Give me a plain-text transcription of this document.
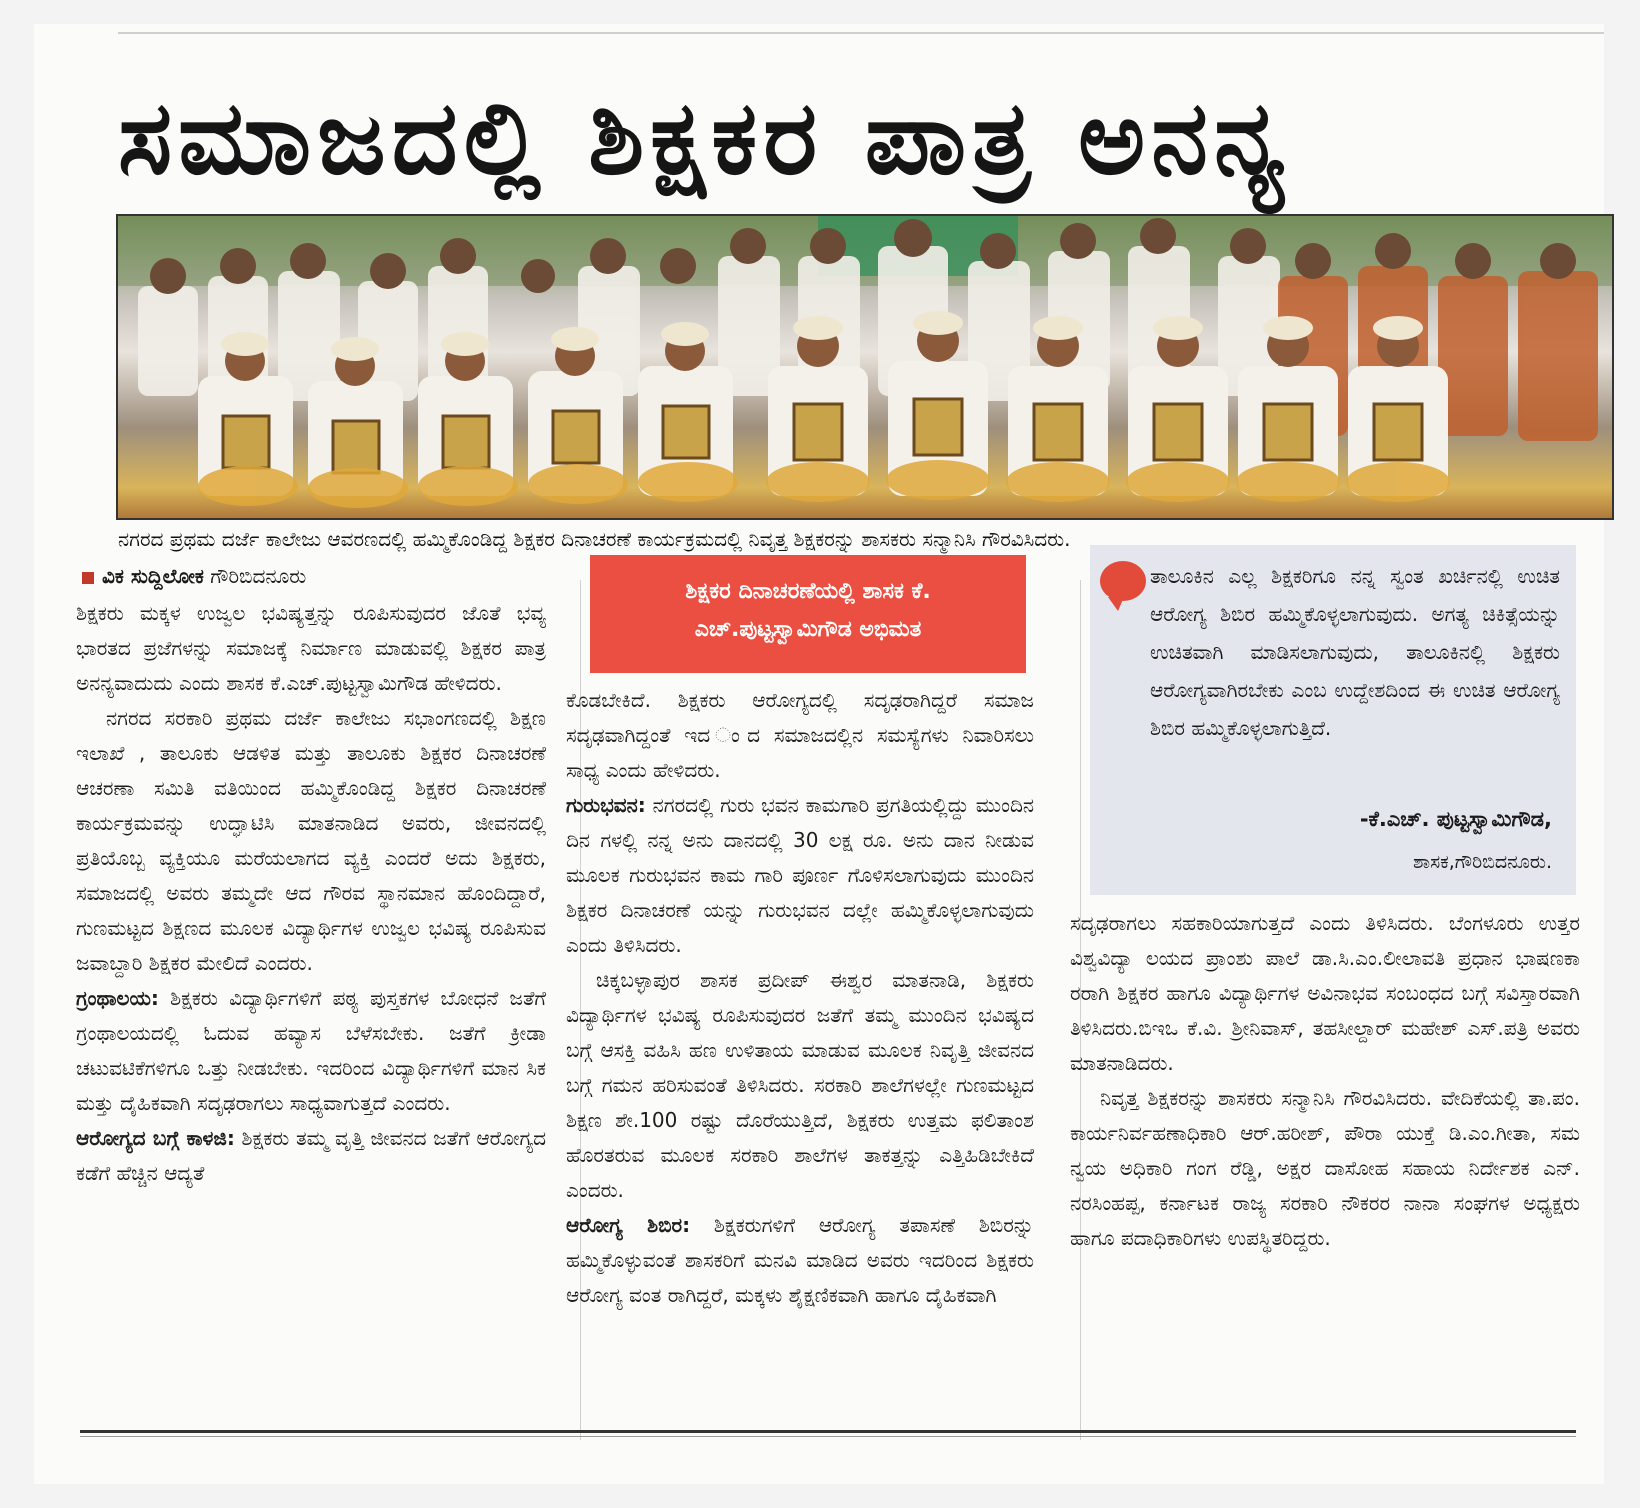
ಸಮಾಜದಲ್ಲಿ ಶಿಕ್ಷಕರ ಪಾತ್ರ ಅನನ್ಯ
ನಗರದ ಪ್ರಥಮ ದರ್ಜೆ ಕಾಲೇಜು ಆವರಣದಲ್ಲಿ ಹಮ್ಮಿಕೊಂಡಿದ್ದ ಶಿಕ್ಷಕರ ದಿನಾಚರಣೆ ಕಾರ್ಯಕ್ರಮದಲ್ಲಿ ನಿವೃತ್ತ ಶಿಕ್ಷಕರನ್ನು ಶಾಸಕರು ಸನ್ಮಾನಿಸಿ ಗೌರವಿಸಿದರು.
ವಿಕ ಸುದ್ದಿಲೋಕ ಗೌರಿಬಿದನೂರು

ಶಿಕ್ಷಕರು ಮಕ್ಕಳ ಉಜ್ವಲ ಭವಿಷ್ಯತ್ತನ್ನು ರೂಪಿಸುವುದರ ಜೊತೆ ಭವ್ಯ ಭಾರತದ ಪ್ರಜೆಗಳನ್ನು ಸಮಾಜಕ್ಕೆ ನಿರ್ಮಾಣ ಮಾಡುವಲ್ಲಿ ಶಿಕ್ಷಕರ ಪಾತ್ರ ಅನನ್ಯವಾದುದು ಎಂದು ಶಾಸಕ ಕೆ.ಎಚ್.ಪುಟ್ಟಸ್ವಾಮಿಗೌಡ ಹೇಳಿದರು.

ನಗರದ ಸರಕಾರಿ ಪ್ರಥಮ ದರ್ಜೆ ಕಾಲೇಜು ಸಭಾಂಗಣದಲ್ಲಿ ಶಿಕ್ಷಣ ಇಲಾಖೆ , ತಾಲೂಕು ಆಡಳಿತ ಮತ್ತು ತಾಲೂಕು ಶಿಕ್ಷಕರ ದಿನಾಚರಣೆ ಆಚರಣಾ ಸಮಿತಿ ವತಿಯಿಂದ ಹಮ್ಮಿಕೊಂಡಿದ್ದ ಶಿಕ್ಷಕರ ದಿನಾಚರಣೆ ಕಾರ್ಯಕ್ರಮವನ್ನು ಉದ್ಘಾಟಿಸಿ ಮಾತನಾಡಿದ ಅವರು, ಜೀವನದಲ್ಲಿ ಪ್ರತಿಯೊಬ್ಬ ವ್ಯಕ್ತಿಯೂ ಮರೆಯಲಾಗದ ವ್ಯಕ್ತಿ ಎಂದರೆ ಅದು ಶಿಕ್ಷಕರು, ಸಮಾಜದಲ್ಲಿ ಅವರು ತಮ್ಮದೇ ಆದ ಗೌರವ ಸ್ಥಾನಮಾನ ಹೊಂದಿದ್ದಾರೆ, ಗುಣಮಟ್ಟದ ಶಿಕ್ಷಣದ ಮೂಲಕ ವಿದ್ಯಾರ್ಥಿಗಳ ಉಜ್ವಲ ಭವಿಷ್ಯ ರೂಪಿಸುವ ಜವಾಬ್ದಾರಿ ಶಿಕ್ಷಕರ ಮೇಲಿದೆ ಎಂದರು.

ಗ್ರಂಥಾಲಯ: ಶಿಕ್ಷಕರು ವಿದ್ಯಾರ್ಥಿಗಳಿಗೆ ಪಠ್ಯ ಪುಸ್ತಕಗಳ ಬೋಧನೆ ಜತೆಗೆ ಗ್ರಂಥಾಲಯದಲ್ಲಿ ಓದುವ ಹವ್ಯಾಸ ಬೆಳೆಸಬೇಕು. ಜತೆಗೆ ಕ್ರೀಡಾ ಚಟುವಟಿಕೆಗಳಿಗೂ ಒತ್ತು ನೀಡಬೇಕು. ಇದರಿಂದ ವಿದ್ಯಾರ್ಥಿಗಳಿಗೆ ಮಾನ ಸಿಕ ಮತ್ತು ದೈಹಿಕವಾಗಿ ಸದೃಢರಾಗಲು ಸಾಧ್ಯವಾಗುತ್ತದೆ ಎಂದರು.

ಆರೋಗ್ಯದ ಬಗ್ಗೆ ಕಾಳಜಿ: ಶಿಕ್ಷಕರು ತಮ್ಮ ವೃತ್ತಿ ಜೀವನದ ಜತೆಗೆ ಆರೋಗ್ಯದ ಕಡೆಗೆ ಹೆಚ್ಚಿನ ಆದ್ಯತೆ

ಶಿಕ್ಷಕರ ದಿನಾಚರಣೆಯಲ್ಲಿ ಶಾಸಕ ಕೆ. ಎಚ್.ಪುಟ್ಟಸ್ವಾಮಿಗೌಡ ಅಭಿಮತ

ಕೊಡಬೇಕಿದೆ. ಶಿಕ್ಷಕರು ಆರೋಗ್ಯದಲ್ಲಿ ಸದೃಢರಾಗಿದ್ದರೆ ಸಮಾಜ ಸದೃಢವಾಗಿದ್ದಂತೆ ಇದ ಂದ ಸಮಾಜದಲ್ಲಿನ ಸಮಸ್ಯೆಗಳು ನಿವಾರಿಸಲು ಸಾಧ್ಯ ಎಂದು ಹೇಳಿದರು.

ಗುರುಭವನ: ನಗರದಲ್ಲಿ ಗುರು ಭವನ ಕಾಮಗಾರಿ ಪ್ರಗತಿಯಲ್ಲಿದ್ದು ಮುಂದಿನ ದಿನ ಗಳಲ್ಲಿ ನನ್ನ ಅನು ದಾನದಲ್ಲಿ 30 ಲಕ್ಷ ರೂ. ಅನು ದಾನ ನೀಡುವ ಮೂಲಕ ಗುರುಭವನ ಕಾಮ ಗಾರಿ ಪೂರ್ಣ ಗೊಳಿಸಲಾಗುವುದು ಮುಂದಿನ ಶಿಕ್ಷಕರ ದಿನಾಚರಣೆ ಯನ್ನು ಗುರುಭವನ ದಲ್ಲೇ ಹಮ್ಮಿಕೊಳ್ಳಲಾಗುವುದು ಎಂದು ತಿಳಿಸಿದರು.

ಚಿಕ್ಕಬಳ್ಳಾಪುರ ಶಾಸಕ ಪ್ರದೀಪ್ ಈಶ್ವರ ಮಾತನಾಡಿ, ಶಿಕ್ಷಕರು ವಿದ್ಯಾರ್ಥಿಗಳ ಭವಿಷ್ಯ ರೂಪಿಸುವುದರ ಜತೆಗೆ ತಮ್ಮ ಮುಂದಿನ ಭವಿಷ್ಯದ ಬಗ್ಗೆ ಆಸಕ್ತಿ ವಹಿಸಿ ಹಣ ಉಳಿತಾಯ ಮಾಡುವ ಮೂಲಕ ನಿವೃತ್ತಿ ಜೀವನದ ಬಗ್ಗೆ ಗಮನ ಹರಿಸುವಂತೆ ತಿಳಿಸಿದರು. ಸರಕಾರಿ ಶಾಲೆಗಳಲ್ಲೇ ಗುಣಮಟ್ಟದ ಶಿಕ್ಷಣ ಶೇ.100 ರಷ್ಟು ದೊರೆಯುತ್ತಿದೆ, ಶಿಕ್ಷಕರು ಉತ್ತಮ ಫಲಿತಾಂಶ ಹೊರತರುವ ಮೂಲಕ ಸರಕಾರಿ ಶಾಲೆಗಳ ತಾಕತ್ತನ್ನು ಎತ್ತಿಹಿಡಿಬೇಕಿದೆ ಎಂದರು.

ಆರೋಗ್ಯ ಶಿಬಿರ: ಶಿಕ್ಷಕರುಗಳಿಗೆ ಆರೋಗ್ಯ ತಪಾಸಣೆ ಶಿಬಿರನ್ನು ಹಮ್ಮಿಕೊಳ್ಳುವಂತೆ ಶಾಸಕರಿಗೆ ಮನವಿ ಮಾಡಿದ ಅವರು ಇದರಿಂದ ಶಿಕ್ಷಕರು ಆರೋಗ್ಯ ವಂತ ರಾಗಿದ್ದರೆ, ಮಕ್ಕಳು ಶೈಕ್ಷಣಿಕವಾಗಿ ಹಾಗೂ ದೈಹಿಕವಾಗಿ

ತಾಲೂಕಿನ ಎಲ್ಲ ಶಿಕ್ಷಕರಿಗೂ ನನ್ನ ಸ್ವಂತ ಖರ್ಚಿನಲ್ಲಿ ಉಚಿತ ಆರೋಗ್ಯ ಶಿಬಿರ ಹಮ್ಮಿಕೊಳ್ಳಲಾಗುವುದು. ಅಗತ್ಯ ಚಿಕಿತ್ಸೆಯನ್ನು ಉಚಿತವಾಗಿ ಮಾಡಿಸಲಾಗುವುದು, ತಾಲೂಕಿನಲ್ಲಿ ಶಿಕ್ಷಕರು ಆರೋಗ್ಯವಾಗಿರಬೇಕು ಎಂಬ ಉದ್ದೇಶದಿಂದ ಈ ಉಚಿತ ಆರೋಗ್ಯ ಶಿಬಿರ ಹಮ್ಮಿಕೊಳ್ಳಲಾಗುತ್ತಿದೆ.
-ಕೆ.ಎಚ್. ಪುಟ್ಟಸ್ವಾಮಿಗೌಡ,
ಶಾಸಕ,ಗೌರಿಬಿದನೂರು.

ಸದೃಢರಾಗಲು ಸಹಕಾರಿಯಾಗುತ್ತದೆ ಎಂದು ತಿಳಿಸಿದರು. ಬೆಂಗಳೂರು ಉತ್ತರ ವಿಶ್ವವಿದ್ಯಾ ಲಯದ ಪ್ರಾಂಶು ಪಾಲೆ ಡಾ.ಸಿ.ಎಂ.ಲೀಲಾವತಿ ಪ್ರಧಾನ ಭಾಷಣಕಾ ರರಾಗಿ ಶಿಕ್ಷಕರ ಹಾಗೂ ವಿದ್ಯಾರ್ಥಿಗಳ ಅವಿನಾಭವ ಸಂಬಂಧದ ಬಗ್ಗೆ ಸವಿಸ್ತಾರವಾಗಿ ತಿಳಿಸಿದರು.ಬಿಇಒ ಕೆ.ವಿ. ಶ್ರೀನಿವಾಸ್, ತಹಸೀಲ್ದಾರ್ ಮಹೇಶ್ ಎಸ್.ಪತ್ರಿ ಅವರು ಮಾತನಾಡಿದರು.

ನಿವೃತ್ತ ಶಿಕ್ಷಕರನ್ನು ಶಾಸಕರು ಸನ್ಮಾನಿಸಿ ಗೌರವಿಸಿದರು. ವೇದಿಕೆಯಲ್ಲಿ ತಾ.ಪಂ. ಕಾರ್ಯನಿರ್ವಹಣಾಧಿಕಾರಿ ಆರ್.ಹರೀಶ್, ಪೌರಾ ಯುಕ್ತೆ ಡಿ.ಎಂ.ಗೀತಾ, ಸಮ ನ್ವಯ ಅಧಿಕಾರಿ ಗಂಗ ರೆಡ್ಡಿ, ಅಕ್ಷರ ದಾಸೋಹ ಸಹಾಯ ನಿರ್ದೇಶಕ ಎನ್. ನರಸಿಂಹಪ್ಪ, ಕರ್ನಾಟಕ ರಾಜ್ಯ ಸರಕಾರಿ ನೌಕರರ ನಾನಾ ಸಂಘಗಳ ಅಧ್ಯಕ್ಷರು ಹಾಗೂ ಪದಾಧಿಕಾರಿಗಳು ಉಪಸ್ಥಿತರಿದ್ದರು.
